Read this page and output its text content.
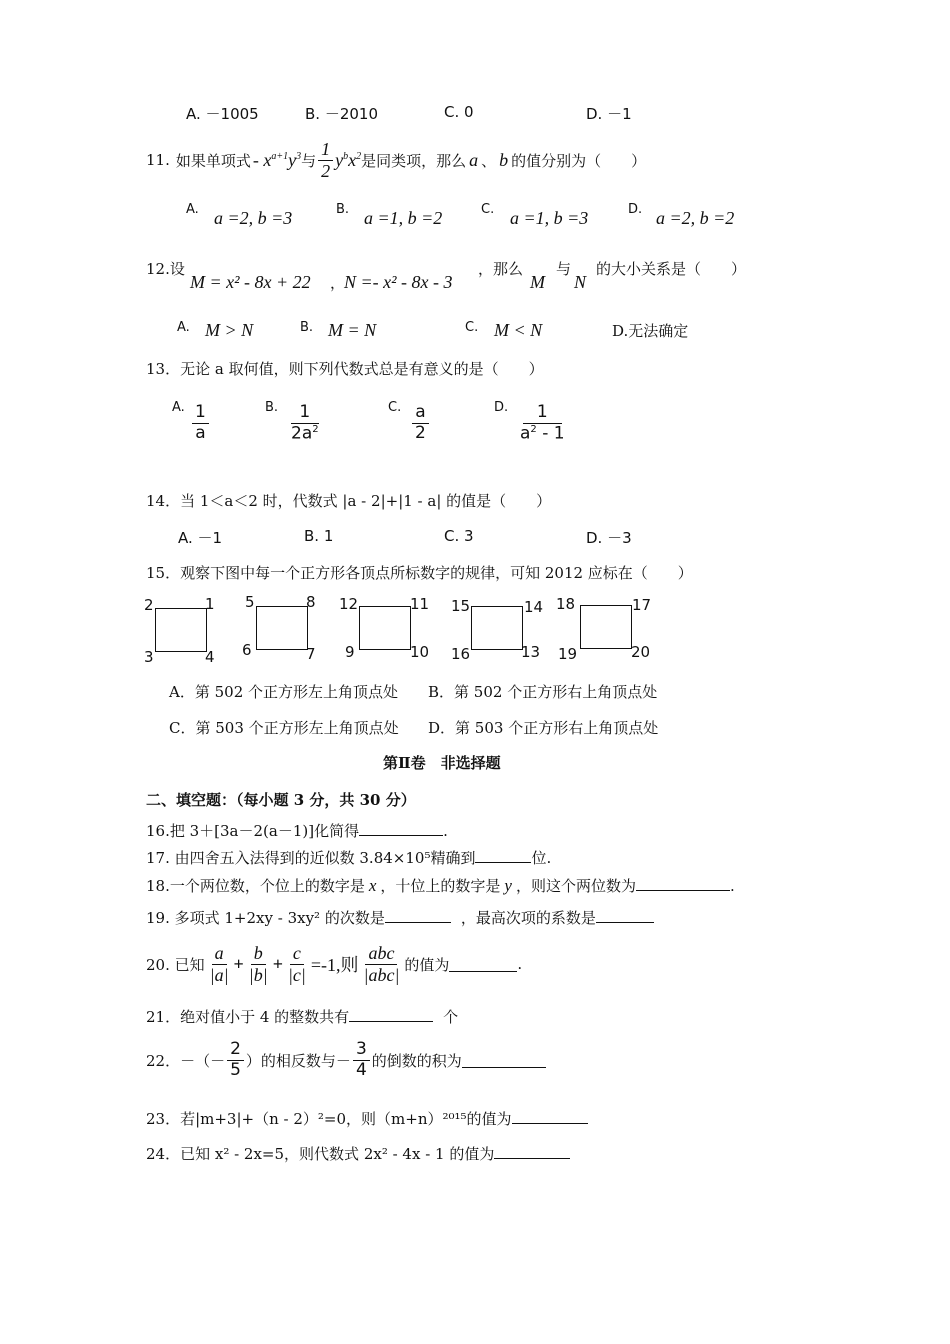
A. －1005	B. －2010	C. 0	D. －1
11. 如果单项式 - $x^{a+1}y^3$ 与 $\frac{1}{2} y^bx^2$ 是同类项，那么 a 、 b 的值分别为（　　）
A. a =2, b =3	B. a =1, b =2	C. a =1, b =3	D. a =2, b =2
12.设
M = x² - 8x + 22 ，
N =- x² - 8x - 3
，那么
M
与
N
的大小关系是（　　）
A. M > N	B. M = N	C. M < N	D.无法确定
13．无论 a 取何值，则下列代数式总是有意义的是（　　）
A. $\frac{1}{a}$	B. $\frac{1}{2a^2}$	C. $\frac{a}{2}$	D. $\frac{1}{a^2 - 1}$
14．当 1＜a＜2 时，代数式 |a - 2|+|1 - a| 的值是（　　）
A. －1	B. 1	C. 3	D. －3
15．观察下图中每一个正方形各顶点所标数字的规律，可知 2012 应标在（　　）
2	1
3	4
5	8
6	7
12	11
9	10
15	14
16	13
18	17
19	20
A．第 502 个正方形左上角顶点处 B．第 502 个正方形右上角顶点处
C．第 503 个正方形左上角顶点处 D．第 503 个正方形右上角顶点处
第Ⅱ卷　非选择题
二、填空题：（每小题 3 分，共 30 分）
16.把 3＋[3a－2(a－1)]化简得	.
17. 由四舍五入法得到的近似数 3.84×10⁵精确到	位.
18.一个两位数，个位上的数字是 x ，十位上的数字是 y ，则这个两位数为	.
19. 多项式 1+2xy - 3xy² 的次数是	，最高次项的系数是
20. 已知 $\frac{a}{|a|} + \frac{b}{|b|} + \frac{c}{|c|} =-1$,则 $\frac{\text{abc}}{\text{|abc|}}$ 的值为	.
21．绝对值小于 4 的整数共有	个
22．－（－ $\frac{2}{5}$ ）的相反数与－ $\frac{3}{4}$ 的倒数的积为
23．若|m+3|+（n - 2）²=0，则（m+n）²⁰¹⁵的值为
24．已知 x² - 2x=5，则代数式 2x² - 4x - 1 的值为
